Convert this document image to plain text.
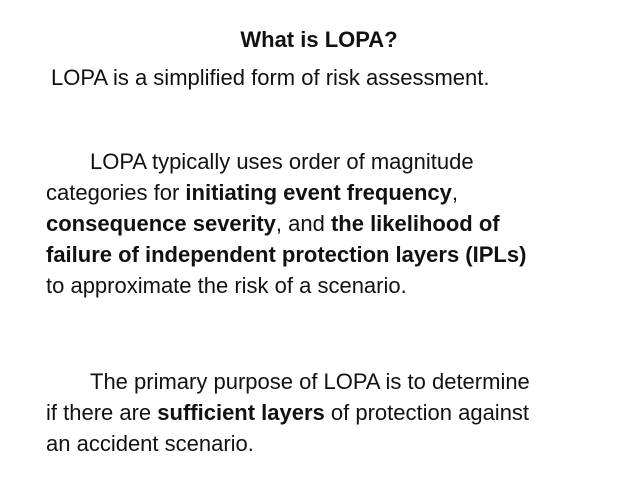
What is LOPA?
LOPA is a simplified form of risk assessment.
LOPA typically uses order of magnitude
categories for initiating event frequency,
consequence severity, and the likelihood of
failure of independent protection layers (IPLs)
to approximate the risk of a scenario.
The primary purpose of LOPA is to determine
if there are sufficient layers of protection against
an accident scenario.
